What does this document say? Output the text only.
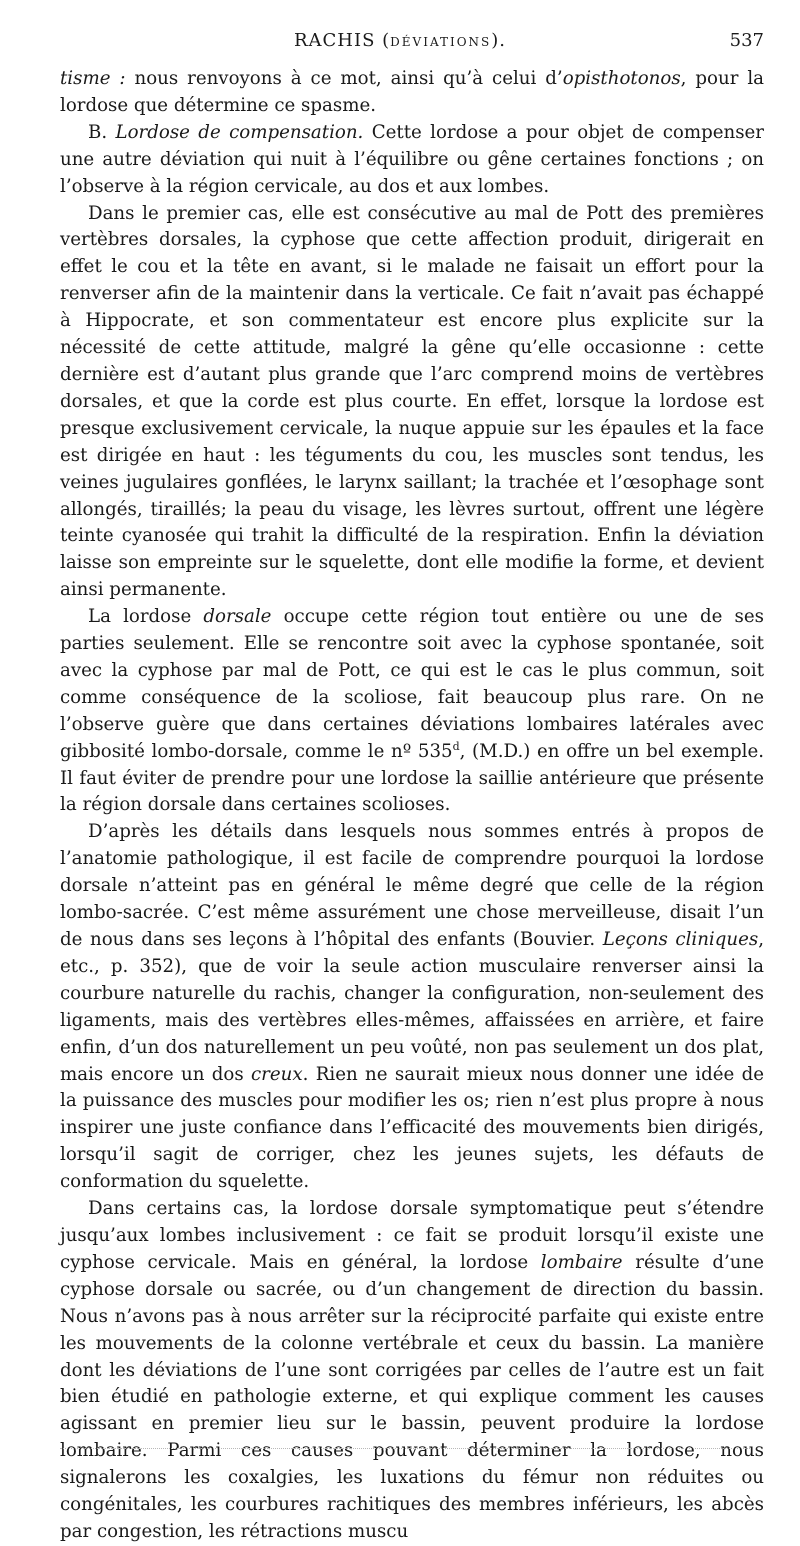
RACHIS (DÉVIATIONS).	537

tisme : nous renvoyons à ce mot, ainsi qu’à celui d’opisthotonos, pour la lordose que détermine ce spasme.

B. Lordose de compensation. Cette lordose a pour objet de compenser une autre déviation qui nuit à l’équilibre ou gêne certaines fonctions ; on l’observe à la région cervicale, au dos et aux lombes.

Dans le premier cas, elle est consécutive au mal de Pott des premières vertèbres dorsales, la cyphose que cette affection produit, dirigerait en effet le cou et la tête en avant, si le malade ne faisait un effort pour la renverser afin de la maintenir dans la verticale. Ce fait n’avait pas échappé à Hippocrate, et son commentateur est encore plus explicite sur la nécessité de cette attitude, malgré la gêne qu’elle occasionne : cette dernière est d’autant plus grande que l’arc comprend moins de vertèbres dorsales, et que la corde est plus courte. En effet, lorsque la lordose est presque exclusivement cervicale, la nuque appuie sur les épaules et la face est dirigée en haut : les téguments du cou, les muscles sont tendus, les veines jugulaires gonflées, le larynx saillant; la trachée et l’œsophage sont allongés, tiraillés; la peau du visage, les lèvres surtout, offrent une légère teinte cyanosée qui trahit la difficulté de la respiration. Enfin la déviation laisse son empreinte sur le squelette, dont elle modifie la forme, et devient ainsi permanente.

La lordose dorsale occupe cette région tout entière ou une de ses parties seulement. Elle se rencontre soit avec la cyphose spontanée, soit avec la cyphose par mal de Pott, ce qui est le cas le plus commun, soit comme conséquence de la scoliose, fait beaucoup plus rare. On ne l’observe guère que dans certaines déviations lombaires latérales avec gibbosité lombo-dorsale, comme le nº 535$^d$, (M.D.) en offre un bel exemple. Il faut éviter de prendre pour une lordose la saillie antérieure que présente la région dorsale dans certaines scolioses.

D’après les détails dans lesquels nous sommes entrés à propos de l’anatomie pathologique, il est facile de comprendre pourquoi la lordose dorsale n’atteint pas en général le même degré que celle de la région lombo-sacrée. C’est même assurément une chose merveilleuse, disait l’un de nous dans ses leçons à l’hôpital des enfants (Bouvier. Leçons cliniques, etc., p. 352), que de voir la seule action musculaire renverser ainsi la courbure naturelle du rachis, changer la configuration, non-seulement des ligaments, mais des vertèbres elles-mêmes, affaissées en arrière, et faire enfin, d’un dos naturellement un peu voûté, non pas seulement un dos plat, mais encore un dos creux. Rien ne saurait mieux nous donner une idée de la puissance des muscles pour modifier les os; rien n’est plus propre à nous inspirer une juste confiance dans l’efficacité des mouvements bien dirigés, lorsqu’il sagit de corriger, chez les jeunes sujets, les défauts de conformation du squelette.

Dans certains cas, la lordose dorsale symptomatique peut s’étendre jusqu’aux lombes inclusivement : ce fait se produit lorsqu’il existe une cyphose cervicale. Mais en général, la lordose lombaire résulte d’une cyphose dorsale ou sacrée, ou d’un changement de direction du bassin. Nous n’avons pas à nous arrêter sur la réciprocité parfaite qui existe entre les mouvements de la colonne vertébrale et ceux du bassin. La manière dont les déviations de l’une sont corrigées par celles de l’autre est un fait bien étudié en pathologie externe, et qui explique comment les causes agissant en premier lieu sur le bassin, peuvent produire la lordose lombaire. Parmi ces causes pouvant déterminer la lordose, nous signalerons les coxalgies, les luxations du fémur non réduites ou congénitales, les courbures rachitiques des membres inférieurs, les abcès par congestion, les rétractions muscu
